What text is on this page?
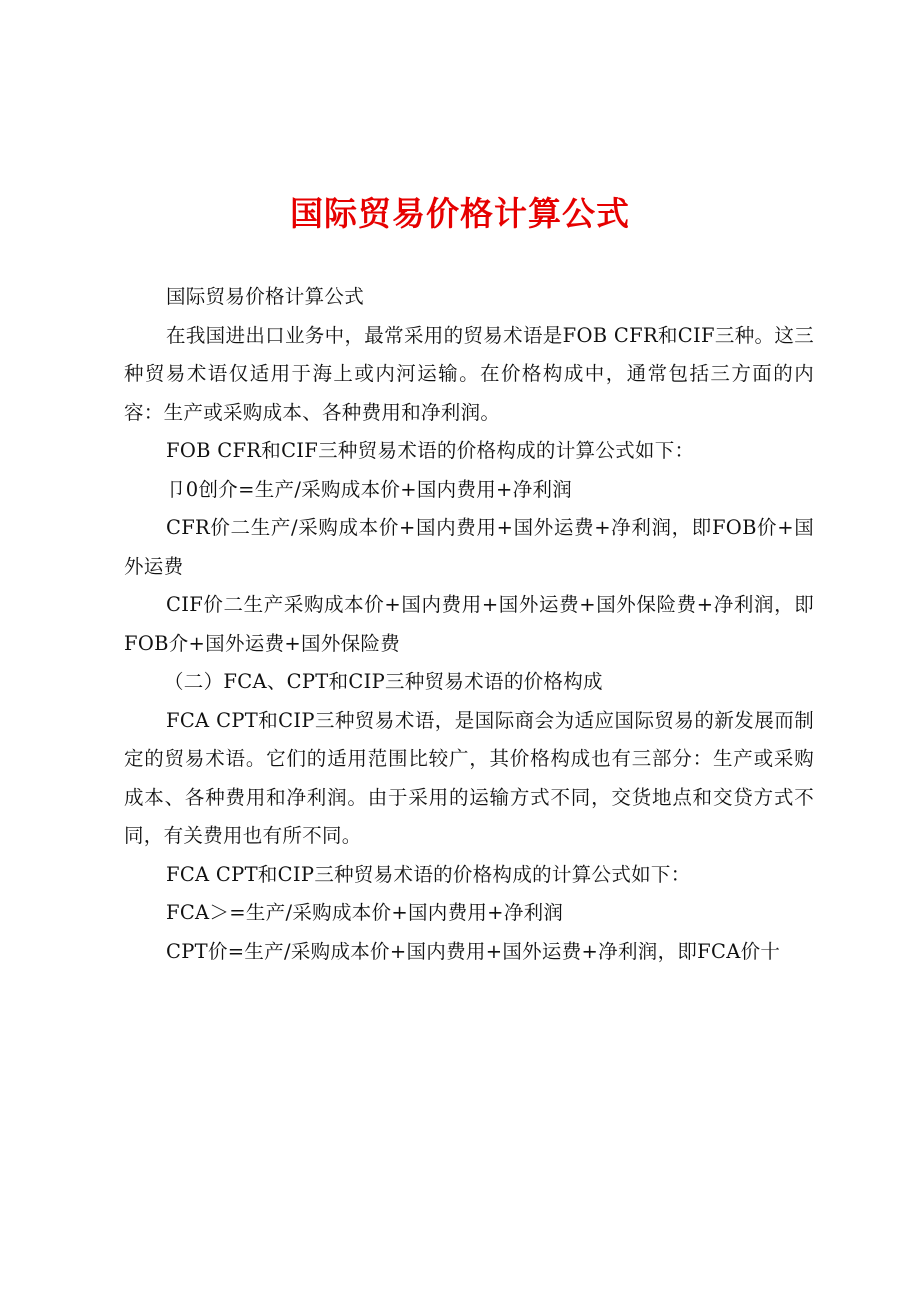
国际贸易价格计算公式

国际贸易价格计算公式

在我国进出口业务中，最常采用的贸易术语是FOB CFR和CIF三种。这三种贸易术语仅适用于海上或内河运输。在价格构成中，通常包括三方面的内容：生产或采购成本、各种费用和净利润。

FOB CFR和CIF三种贸易术语的价格构成的计算公式如下：

卩0创介=生产/采购成本价+国内费用+净利润

CFR价二生产/采购成本价+国内费用+国外运费+净利润，即FOB价+国外运费

CIF价二生产采购成本价+国内费用+国外运费+国外保险费+净利润，即FOB介+国外运费+国外保险费

（二）FCA、CPT和CIP三种贸易术语的价格构成

FCA CPT和CIP三种贸易术语，是国际商会为适应国际贸易的新发展而制定的贸易术语。它们的适用范围比较广，其价格构成也有三部分：生产或采购成本、各种费用和净利润。由于采用的运输方式不同，交货地点和交贷方式不同，有关费用也有所不同。

FCA CPT和CIP三种贸易术语的价格构成的计算公式如下：

FCA＞=生产/采购成本价+国内费用+净利润

CPT价=生产/采购成本价+国内费用+国外运费+净利润，即FCA价十
